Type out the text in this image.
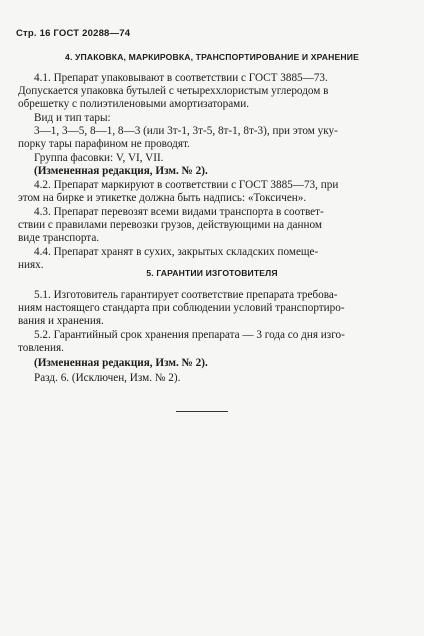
Стр. 16 ГОСТ 20288—74
4. УПАКОВКА, МАРКИРОВКА, ТРАНСПОРТИРОВАНИЕ И ХРАНЕНИЕ
4.1. Препарат упаковывают в соответствии с ГОСТ 3885—73.
Допускается упаковка бутылей с четыреххлористым углеродом в
обрешетку с полиэтиленовыми амортизаторами.
Вид и тип тары:
3—1, 3—5, 8—1, 8—3 (или 3т-1, 3т-5, 8т-1, 8т-3), при этом уку-
порку тары парафином не проводят.
Группа фасовки: V, VI, VII.
(Измененная редакция, Изм. № 2).
4.2. Препарат маркируют в соответствии с ГОСТ 3885—73, при
этом на бирке и этикетке должна быть надпись: «Токсичен».
4.3. Препарат перевозят всеми видами транспорта в соответ-
ствии с правилами перевозки грузов, действующими на данном
виде транспорта.
4.4. Препарат хранят в сухих, закрытых складских помеще-
ниях.
5. ГАРАНТИИ ИЗГОТОВИТЕЛЯ
5.1. Изготовитель гарантирует соответствие препарата требова-
ниям настоящего стандарта при соблюдении условий транспортиро-
вания и хранения.
5.2. Гарантийный срок хранения препарата — 3 года со дня изго-
товления.
(Измененная редакция, Изм. № 2).
Разд. 6. (Исключен, Изм. № 2).
